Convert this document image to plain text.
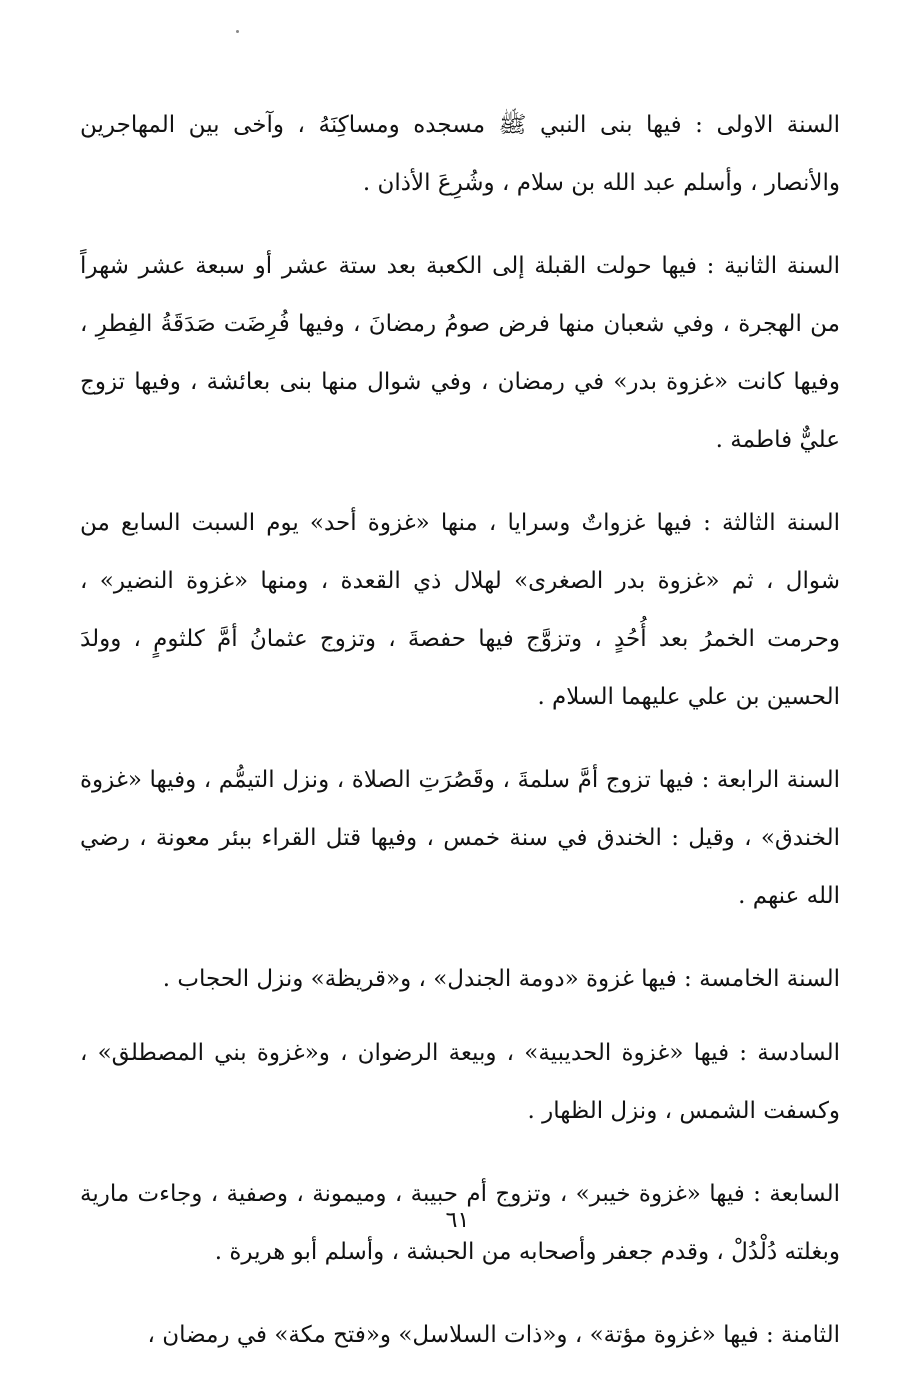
السنة الاولى : فيها بنى النبي ﷺ مسجده ومساكِنَهُ ، وآخى بين المهاجرين والأنصار ، وأسلم عبد الله بن سلام ، وشُرِعَ الأذان .

السنة الثانية : فيها حولت القبلة إلى الكعبة بعد ستة عشر أو سبعة عشر شهراً من الهجرة ، وفي شعبان منها فرض صومُ رمضانَ ، وفيها فُرِضَت صَدَقَةُ الفِطرِ ، وفيها كانت «غزوة بدر» في رمضان ، وفي شوال منها بنى بعائشة ، وفيها تزوج عليٌّ فاطمة .

السنة الثالثة : فيها غزواتٌ وسرايا ، منها «غزوة أحد» يوم السبت السابع من شوال ، ثم «غزوة بدر الصغرى» لهلال ذي القعدة ، ومنها «غزوة النضير» ، وحرمت الخمرُ بعد أُحُدٍ ، وتزوَّج فيها حفصةَ ، وتزوج عثمانُ أمَّ كلثومٍ ، وولدَ الحسين بن علي عليهما السلام .

السنة الرابعة : فيها تزوج أمَّ سلمةَ ، وقَصُرَتِ الصلاة ، ونزل التيمُّم ، وفيها «غزوة الخندق» ، وقيل : الخندق في سنة خمس ، وفيها قتل القراء ببئر معونة ، رضي الله عنهم .

السنة الخامسة : فيها غزوة «دومة الجندل» ، و«قريظة» ونزل الحجاب .

السادسة : فيها «غزوة الحديبية» ، وبيعة الرضوان ، و«غزوة بني المصطلق» ، وكسفت الشمس ، ونزل الظهار .

السابعة : فيها «غزوة خيبر» ، وتزوج أم حبيبة ، وميمونة ، وصفية ، وجاءت مارية وبغلته دُلْدُلْ ، وقدم جعفر وأصحابه من الحبشة ، وأسلم أبو هريرة .

الثامنة : فيها «غزوة مؤتة» ، و«ذات السلاسل» و«فتح مكة» في رمضان ،

٦١
